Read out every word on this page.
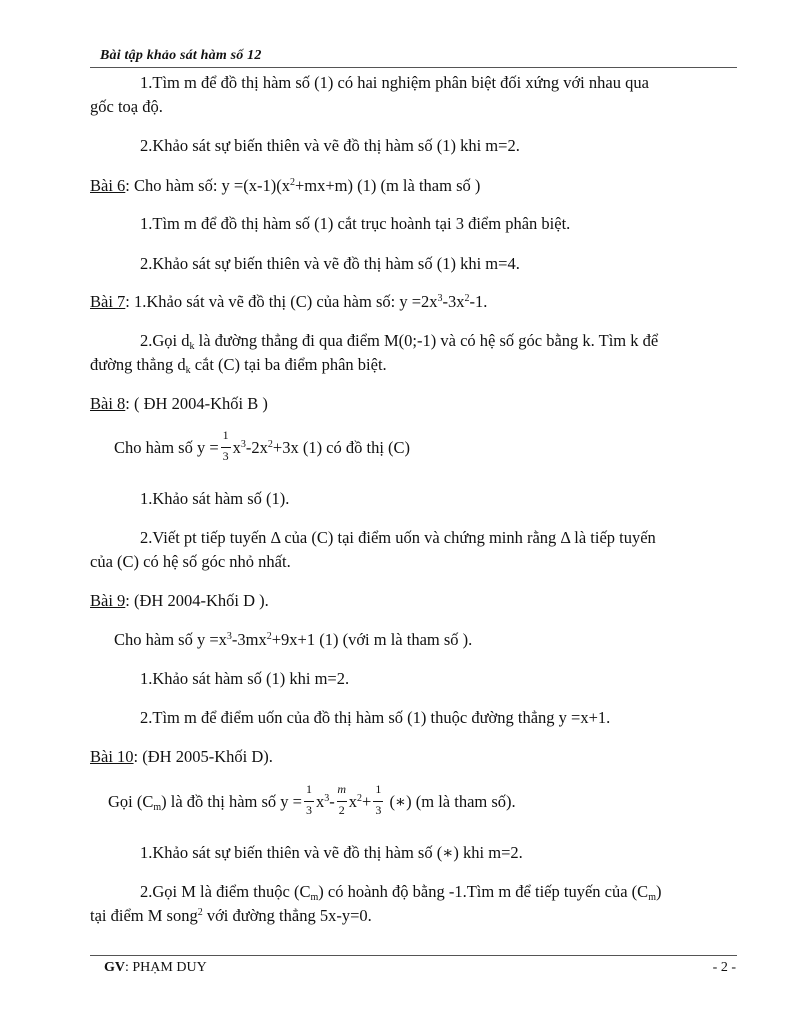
Bài tập khảo sát hàm số 12
1.Tìm m để đồ thị hàm số (1) có hai nghiệm phân biệt đối xứng với nhau qua
gốc toạ độ.
2.Khảo sát sự biến thiên và vẽ đồ thị hàm số (1) khi m=2.
Bài 6: Cho hàm số: $y =(x-1)(x^2+mx+m)$ (1) (m là tham số )
1.Tìm m để đồ thị hàm số (1) cắt trục hoành tại 3 điểm phân biệt.
2.Khảo sát sự biến thiên và vẽ đồ thị hàm số (1) khi m=4.
Bài 7: 1.Khảo sát và vẽ đồ thị (C) của hàm số: $y =2x^3-3x^2-1$.
2.Gọi $d_k$ là đường thẳng đi qua điểm M(0;-1) và có hệ số góc bằng k. Tìm k để
đường thẳng $d_k$ cắt (C) tại ba điểm phân biệt.
Bài 8: ( ĐH 2004-Khối B )
Cho hàm số $y = \frac{1}{3} x^3-2x^2+3x$ (1) có đồ thị (C)
1.Khảo sát hàm số (1).
2.Viết pt tiếp tuyến Δ của (C) tại điểm uốn và chứng minh rằng Δ là tiếp tuyến
của (C) có hệ số góc nhỏ nhất.
Bài 9: (ĐH 2004-Khối D ).
Cho hàm số $y =x^3-3mx^2+9x+1$ (1) (với m là tham số ).
1.Khảo sát hàm số (1) khi m=2.
2.Tìm m để điểm uốn của đồ thị hàm số (1) thuộc đường thẳng y =x+1.
Bài 10: (ĐH 2005-Khối D).
Gọi $(C_m)$ là đồ thị hàm số $y = \frac{1}{3} x^3- \frac{m}{2} x^2+ \frac{1}{3}$ (∗) (m là tham số).
1.Khảo sát sự biến thiên và vẽ đồ thị hàm số (∗) khi m=2.
2.Gọi M là điểm thuộc $(C_m)$ có hoành độ bằng -1.Tìm m để tiếp tuyến của $(C_m)$
tại điểm M song$^2$ với đường thẳng 5x-y=0.
GV: PHẠM DUY	- 2 -
